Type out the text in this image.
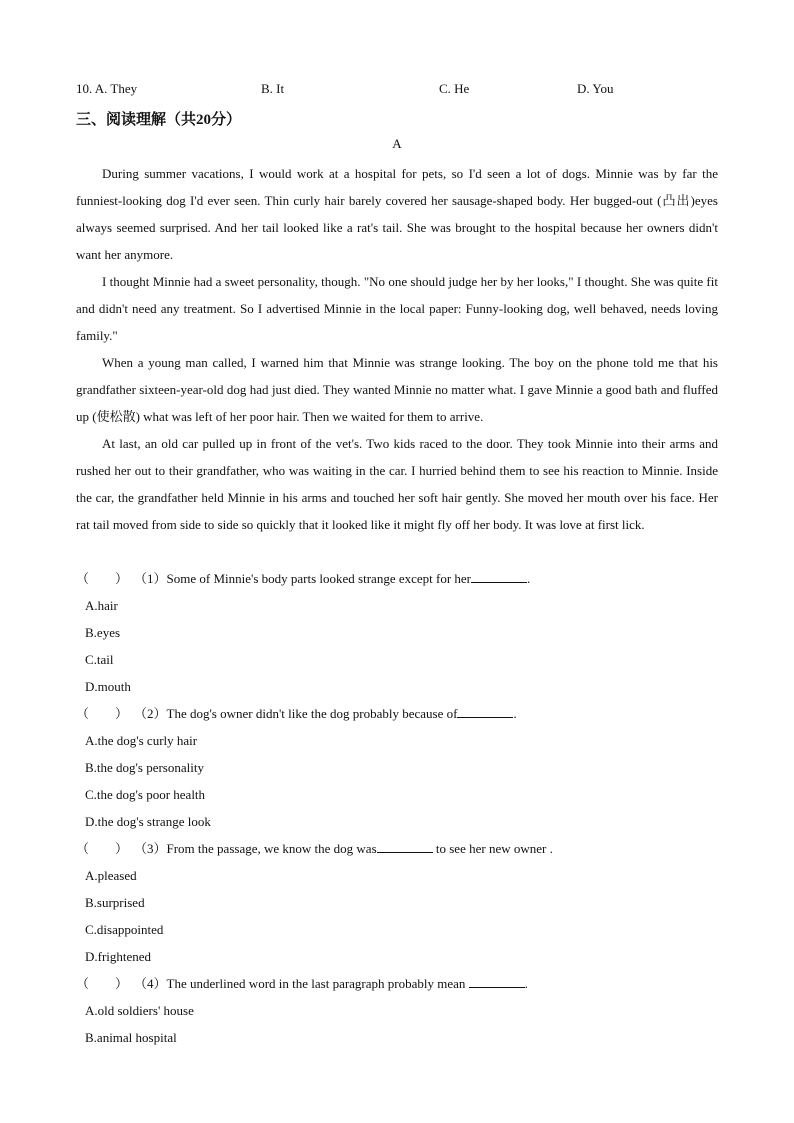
10. A. They	B. It	C. He	D. You
三、阅读理解（共20分）
A

During summer vacations, I would work at a hospital for pets, so I'd seen a lot of dogs. Minnie was by far the funniest-looking dog I'd ever seen. Thin curly hair barely covered her sausage-shaped body. Her bugged-out (凸出)eyes always seemed surprised. And her tail looked like a rat's tail. She was brought to the hospital because her owners didn't want her anymore.

I thought Minnie had a sweet personality, though. "No one should judge her by her looks," I thought. She was quite fit and didn't need any treatment. So I advertised Minnie in the local paper: Funny-looking dog, well behaved, needs loving family."

When a young man called, I warned him that Minnie was strange looking. The boy on the phone told me that his grandfather sixteen-year-old dog had just died. They wanted Minnie no matter what. I gave Minnie a good bath and fluffed up (使松散) what was left of her poor hair. Then we waited for them to arrive.

At last, an old car pulled up in front of the vet's. Two kids raced to the door. They took Minnie into their arms and rushed her out to their grandfather, who was waiting in the car. I hurried behind them to see his reaction to Minnie. Inside the car, the grandfather held Minnie in his arms and touched her soft hair gently. She moved her mouth over his face. Her rat tail moved from side to side so quickly that it looked like it might fly off her body. It was love at first lick.

（　　） （1）Some of Minnie's body parts looked strange except for her	.
A.hair
B.eyes
C.tail
D.mouth
（　　） （2）The dog's owner didn't like the dog probably because of	.
A.the dog's curly hair
B.the dog's personality
C.the dog's poor health
D.the dog's strange look
（　　） （3）From the passage, we know the dog was	to see her new owner .
A.pleased
B.surprised
C.disappointed
D.frightened
（　　） （4）The underlined word in the last paragraph probably mean	.
A.old soldiers' house
B.animal hospital
